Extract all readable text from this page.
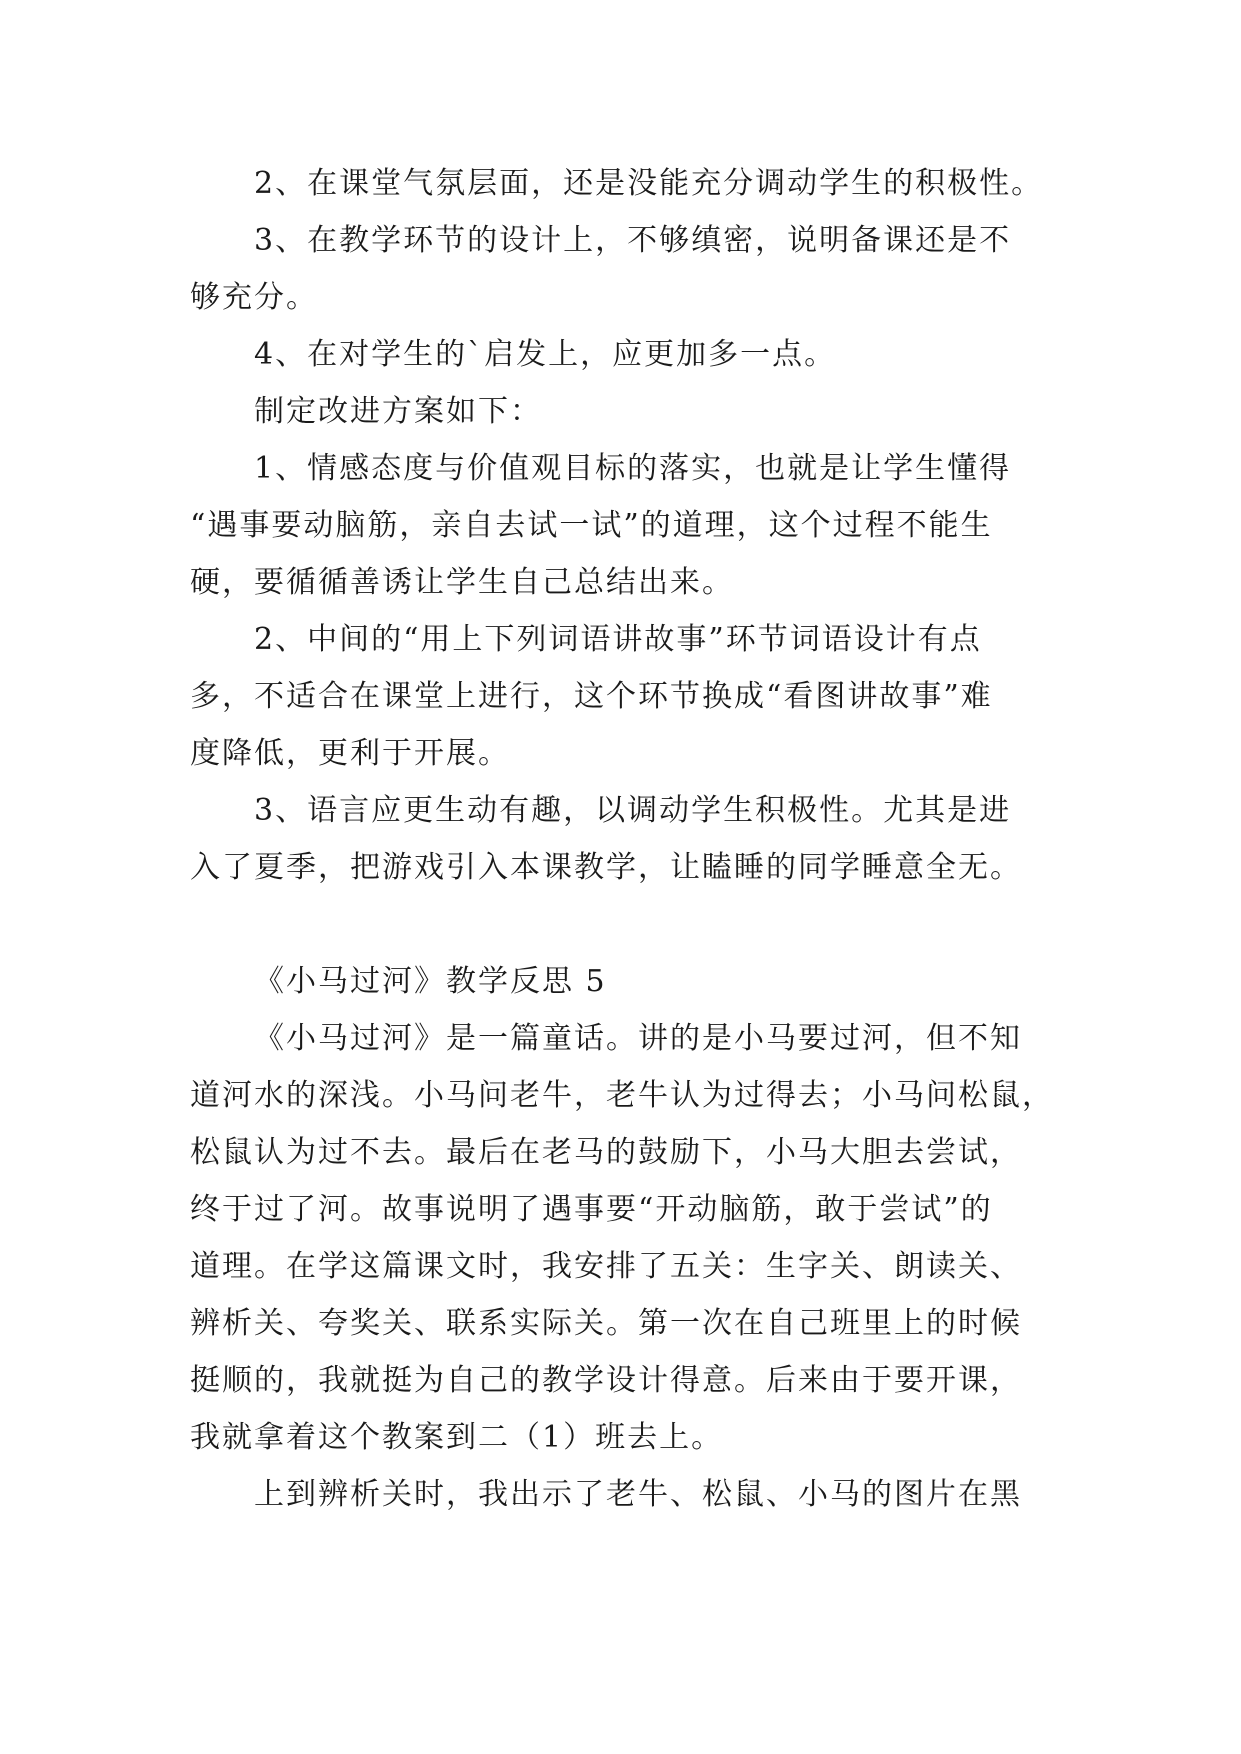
2、在课堂气氛层面，还是没能充分调动学生的积极性。
3、在教学环节的设计上，不够缜密，说明备课还是不
够充分。
4、在对学生的`启发上，应更加多一点。
制定改进方案如下：
1、情感态度与价值观目标的落实，也就是让学生懂得
“遇事要动脑筋，亲自去试一试”的道理，这个过程不能生
硬，要循循善诱让学生自己总结出来。
2、中间的“用上下列词语讲故事”环节词语设计有点
多，不适合在课堂上进行，这个环节换成“看图讲故事”难
度降低，更利于开展。
3、语言应更生动有趣，以调动学生积极性。尤其是进
入了夏季，把游戏引入本课教学，让瞌睡的同学睡意全无。
《小马过河》教学反思 5
《小马过河》是一篇童话。讲的是小马要过河，但不知
道河水的深浅。小马问老牛，老牛认为过得去；小马问松鼠，
松鼠认为过不去。最后在老马的鼓励下，小马大胆去尝试，
终于过了河。故事说明了遇事要“开动脑筋，敢于尝试”的
道理。在学这篇课文时，我安排了五关：生字关、朗读关、
辨析关、夸奖关、联系实际关。第一次在自己班里上的时候
挺顺的，我就挺为自己的教学设计得意。后来由于要开课，
我就拿着这个教案到二（1）班去上。
上到辨析关时，我出示了老牛、松鼠、小马的图片在黑
